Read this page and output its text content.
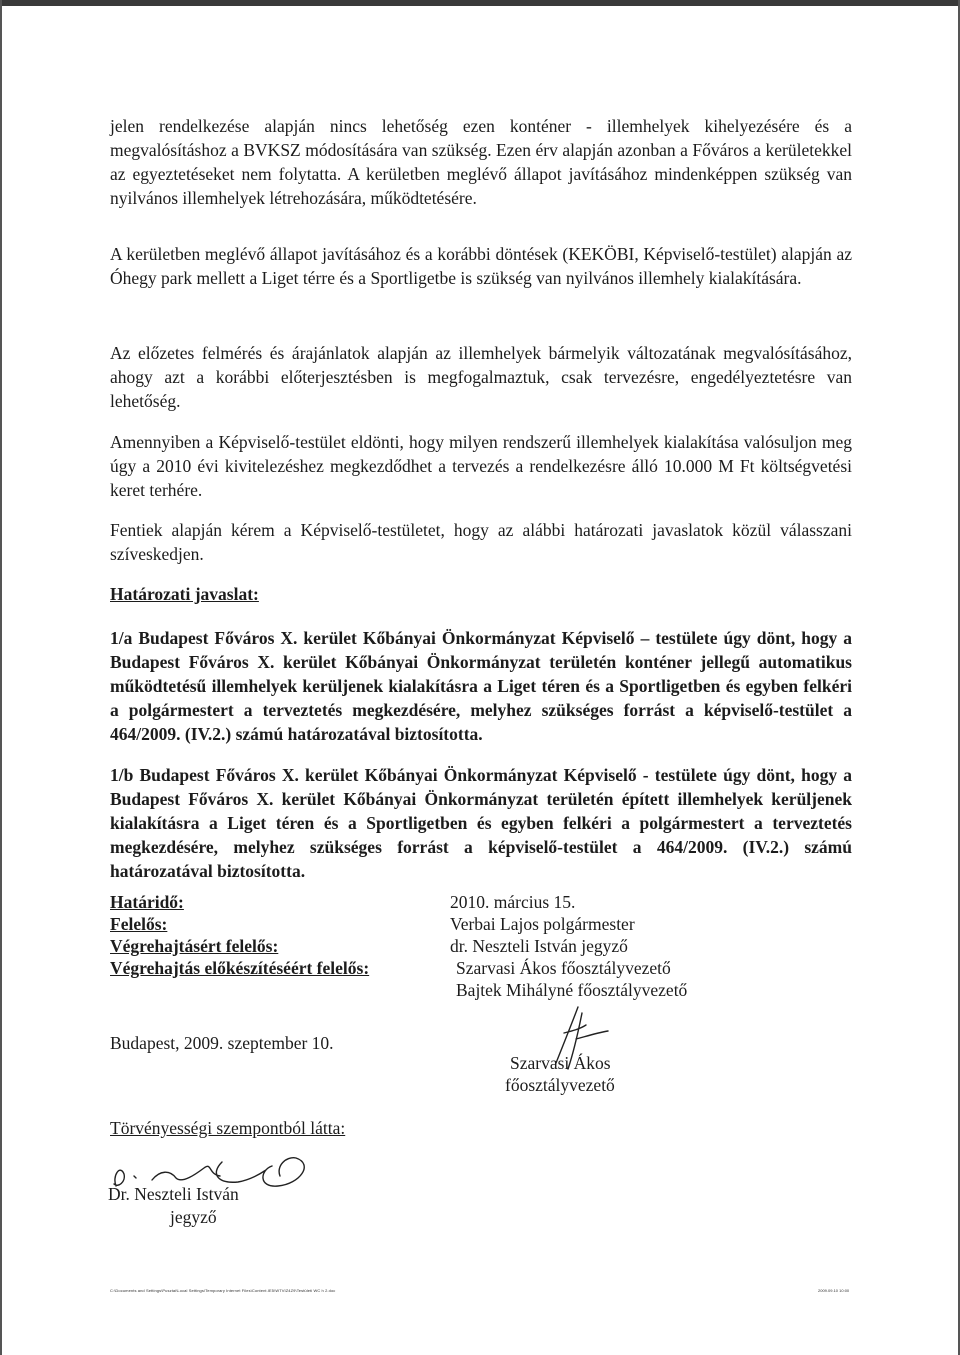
jelen rendelkezése alapján nincs lehetőség ezen konténer - illemhelyek kihelyezésére és a megvalósításhoz a BVKSZ módosítására van szükség. Ezen érv alapján azonban a Főváros a kerületekkel az egyeztetéseket nem folytatta. A kerületben meglévő állapot javításához mindenképpen szükség van nyilvános illemhelyek létrehozására, működtetésére.

A kerületben meglévő állapot javításához és a korábbi döntések (KEKÖBI, Képviselő-testület) alapján az Óhegy park mellett a Liget térre és a Sportligetbe is szükség van nyilvános illemhely kialakítására.

Az előzetes felmérés és árajánlatok alapján az illemhelyek bármelyik változatának megvalósításához, ahogy azt a korábbi előterjesztésben is megfogalmaztuk, csak tervezésre, engedélyeztetésre van lehetőség.

Amennyiben a Képviselő-testület eldönti, hogy milyen rendszerű illemhelyek kialakítása valósuljon meg úgy a 2010 évi kivitelezéshez megkezdődhet a tervezés a rendelkezésre álló 10.000 M Ft költségvetési keret terhére.

Fentiek alapján kérem a Képviselő-testületet, hogy az alábbi határozati javaslatok közül válasszani szíveskedjen.

Határozati javaslat:

1/a Budapest Főváros X. kerület Kőbányai Önkormányzat Képviselő – testülete úgy dönt, hogy a Budapest Főváros X. kerület Kőbányai Önkormányzat területén konténer jellegű automatikus működtetésű illemhelyek kerüljenek kialakításra a Liget téren és a Sportligetben és egyben felkéri a polgármestert a terveztetés megkezdésére, melyhez szükséges forrást a képviselő-testület a 464/2009. (IV.2.) számú határozatával biztosította.

1/b Budapest Főváros X. kerület Kőbányai Önkormányzat Képviselő - testülete úgy dönt, hogy a Budapest Főváros X. kerület Kőbányai Önkormányzat területén épített illemhelyek kerüljenek kialakításra a Liget téren és a Sportligetben és egyben felkéri a polgármestert a terveztetés megkezdésére, melyhez szükséges forrást a képviselő-testület a 464/2009. (IV.2.) számú határozatával biztosította.

Határidő:	2010. március 15.
Felelős:	Verbai Lajos polgármester
Végrehajtásért felelős:	dr. Neszteli István jegyző
Végrehajtás előkészítéséért felelős:	Szarvasi Ákos főosztályvezető
Bajtek Mihályné főosztályvezető

Budapest, 2009. szeptember 10.

Szarvasi Ákos
főosztályvezető

Törvényességi szempontból látta:

Dr. Neszteli István
jegyző
C:\Documents and Settings\Pusztai\Local Settings\Temporary Internet Files\Content.IE5\WTVIZ4Z9\Testületi WC h 2.doc	2009.09.10 10:00
